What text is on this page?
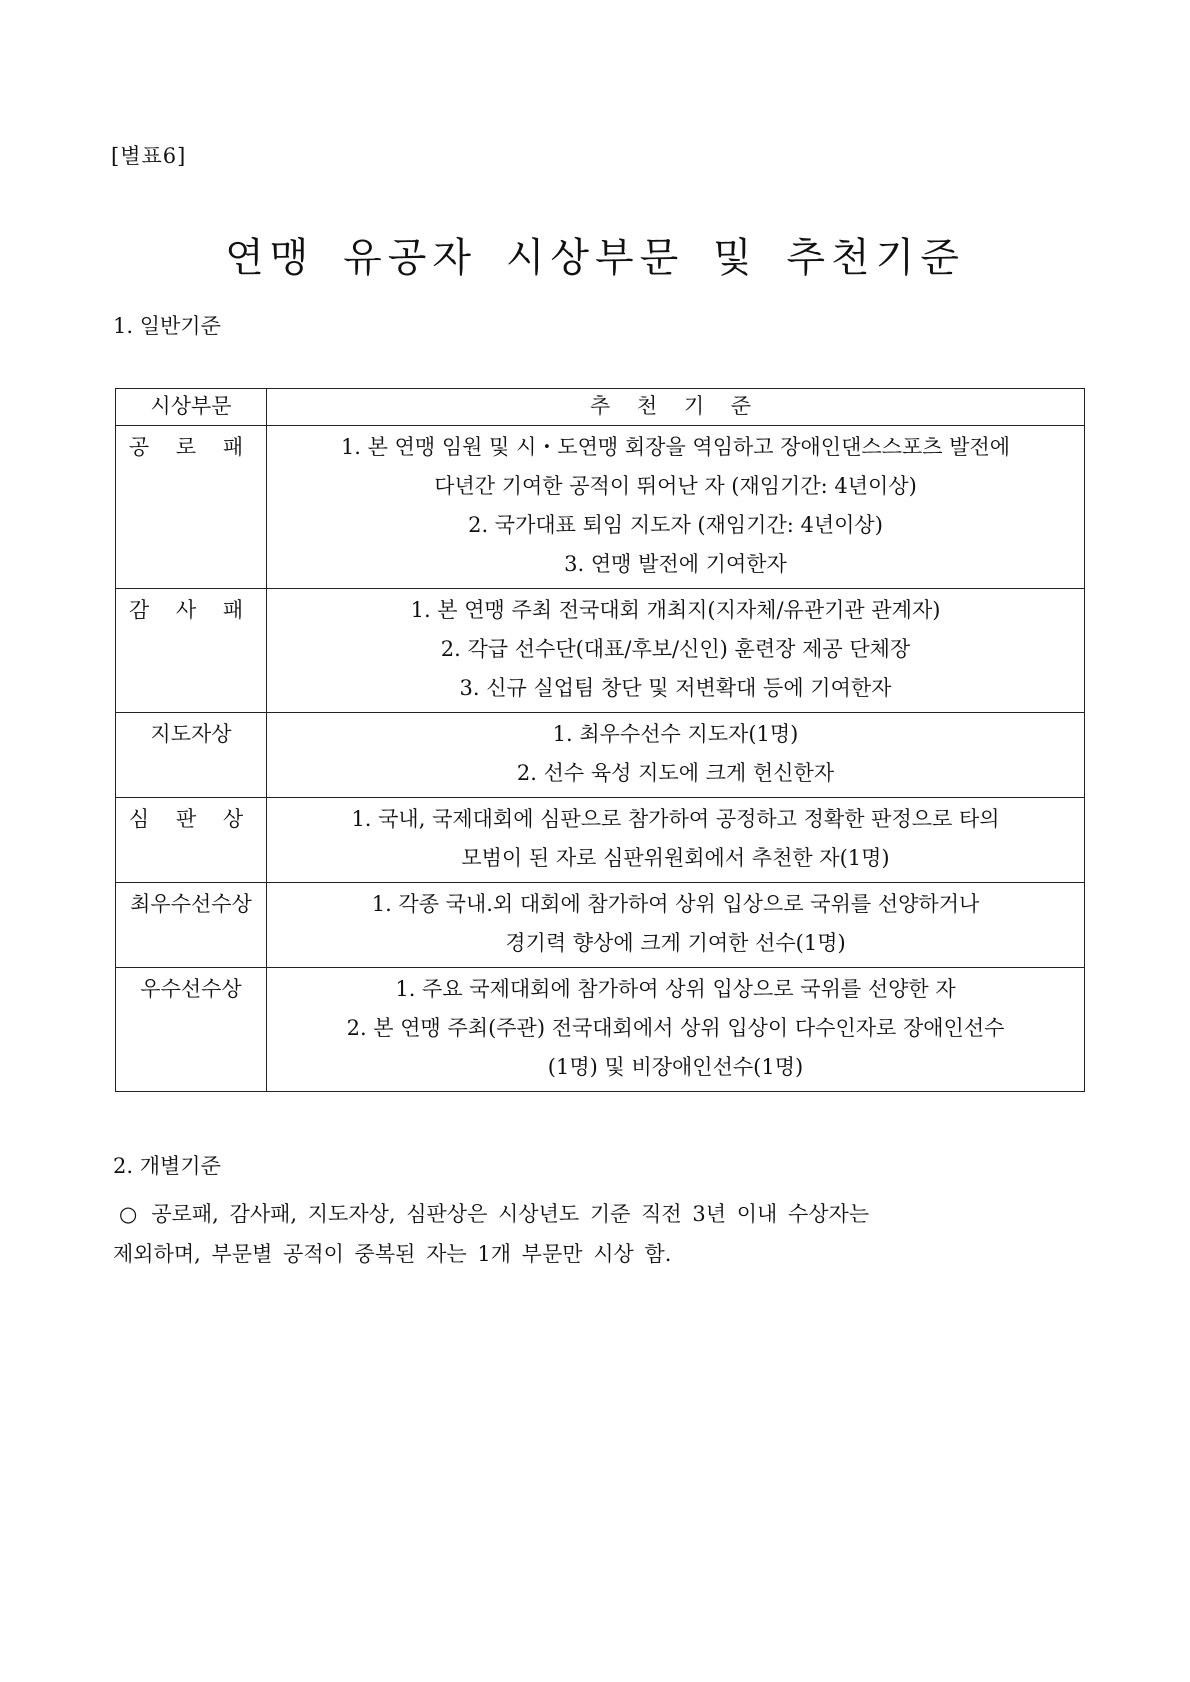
[별표6]
연맹 유공자 시상부문 및 추천기준
1. 일반기준
시상부문	추 천 기 준
공 로 패	1. 본 연맹 임원 및 시・도연맹 회장을 역임하고 장애인댄스스포츠 발전에
다년간 기여한 공적이 뛰어난 자 (재임기간: 4년이상)
2. 국가대표 퇴임 지도자 (재임기간: 4년이상)
3. 연맹 발전에 기여한자

감 사 패	1. 본 연맹 주최 전국대회 개최지(지자체/유관기관 관계자)
2. 각급 선수단(대표/후보/신인) 훈련장 제공 단체장
3. 신규 실업팀 창단 및 저변확대 등에 기여한자

지도자상	1. 최우수선수 지도자(1명)
2. 선수 육성 지도에 크게 헌신한자

심 판 상	1. 국내, 국제대회에 심판으로 참가하여 공정하고 정확한 판정으로 타의
모범이 된 자로 심판위원회에서 추천한 자(1명)

최우수선수상	1. 각종 국내.외 대회에 참가하여 상위 입상으로 국위를 선양하거나
경기력 향상에 크게 기여한 선수(1명)

우수선수상	1. 주요 국제대회에 참가하여 상위 입상으로 국위를 선양한 자
2. 본 연맹 주최(주관) 전국대회에서 상위 입상이 다수인자로 장애인선수
(1명) 및 비장애인선수(1명)
2. 개별기준
○ 공로패, 감사패, 지도자상, 심판상은 시상년도 기준 직전 3년 이내 수상자는
제외하며, 부문별 공적이 중복된 자는 1개 부문만 시상 함.
